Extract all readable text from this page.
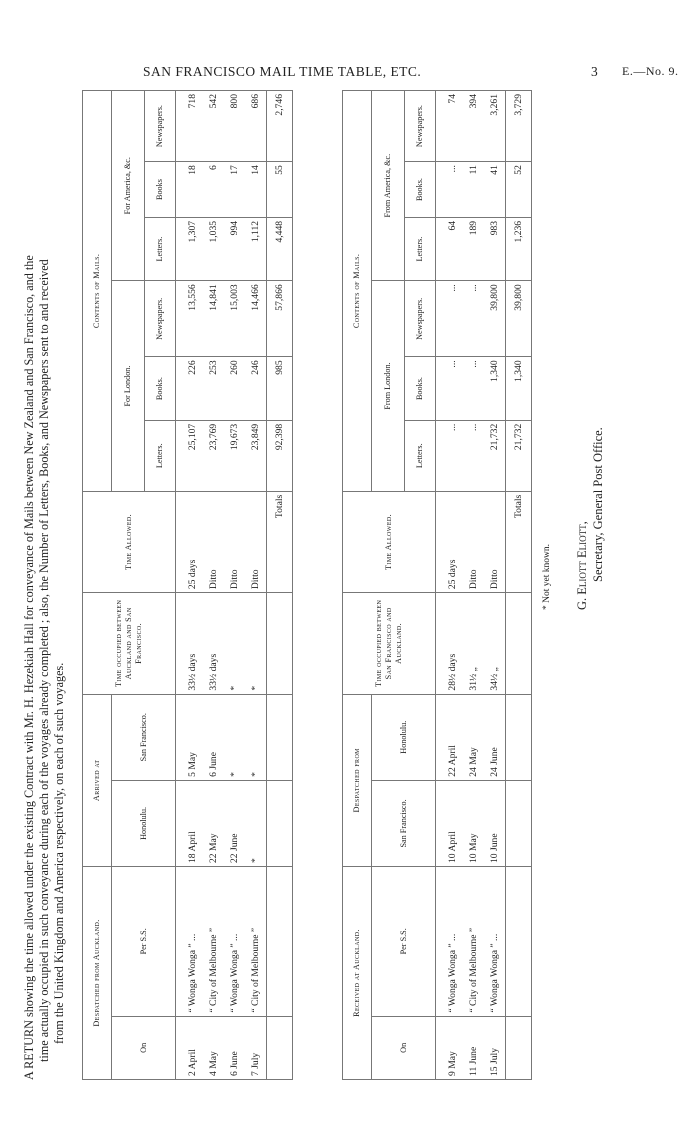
SAN FRANCISCO MAIL TIME TABLE, ETC.	3 E.—No. 9.

A RETURN showing the time allowed under the existing Contract with Mr. H. Hezekiah Hall for conveyance of Mails between New Zealand and San Francisco, and the time actually occupied in such conveyance during each of the voyages already completed ; also, the Number of Letters, Books, and Newspapers sent to and received from the United Kingdom and America respectively, on each of such voyages.	Despatched from Auckland.		Arrived at		Time occupied between Auckland and San Francisco.	Time Allowed.	Contents of Mails.					
On	Per S.S.	Honolulu.	San Francisco.			For London.			For America, &c.		
						Letters.	Books.	Newspapers.	Letters.	Books	Newspapers.
2 April	“ Wonga Wonga ” ...	18 April	5 May	33½ days	25 days	25,107	226	13,556	1,307	18	718
4 May	“ City of Melbourne ”	22 May	6 June	33½ days	Ditto	23,769	253	14,841	1,035	6	542
6 June	“ Wonga Wonga ” ...	22 June	*	*	Ditto	19,673	260	15,003	994	17	800
7 July	“ City of Melbourne ”	*	*	*	Ditto	23,849	246	14,466	1,112	14	686
					Totals	92,398	985	57,866	4,448	55	2,746
Received at Auckland.		Despatched from		Time occupied between San Francisco and Auckland.	Time Allowed.	Contents of Mails.					
On	Per S.S.	San Francisco.	Honolulu.			From London.			From America, &c.		
						Letters.	Books.	Newspapers.	Letters.	Books.	Newspapers.
9 May	“ Wonga Wonga ” ...	10 April	22 April	28½ days	25 days	...	...	...	64	...	74
11 June	“ City of Melbourne ”	10 May	24 May	31½ „	Ditto	...	...	...	189	11	394
15 July	“ Wonga Wonga ” ...	10 June	24 June	34½ „	Ditto	21,732	1,340	39,800	983	41	3,261
					Totals	21,732	1,340	39,800	1,236	52	3,729
* Not yet known. G. Eliott Eliott, Secretary, General Post Office.
